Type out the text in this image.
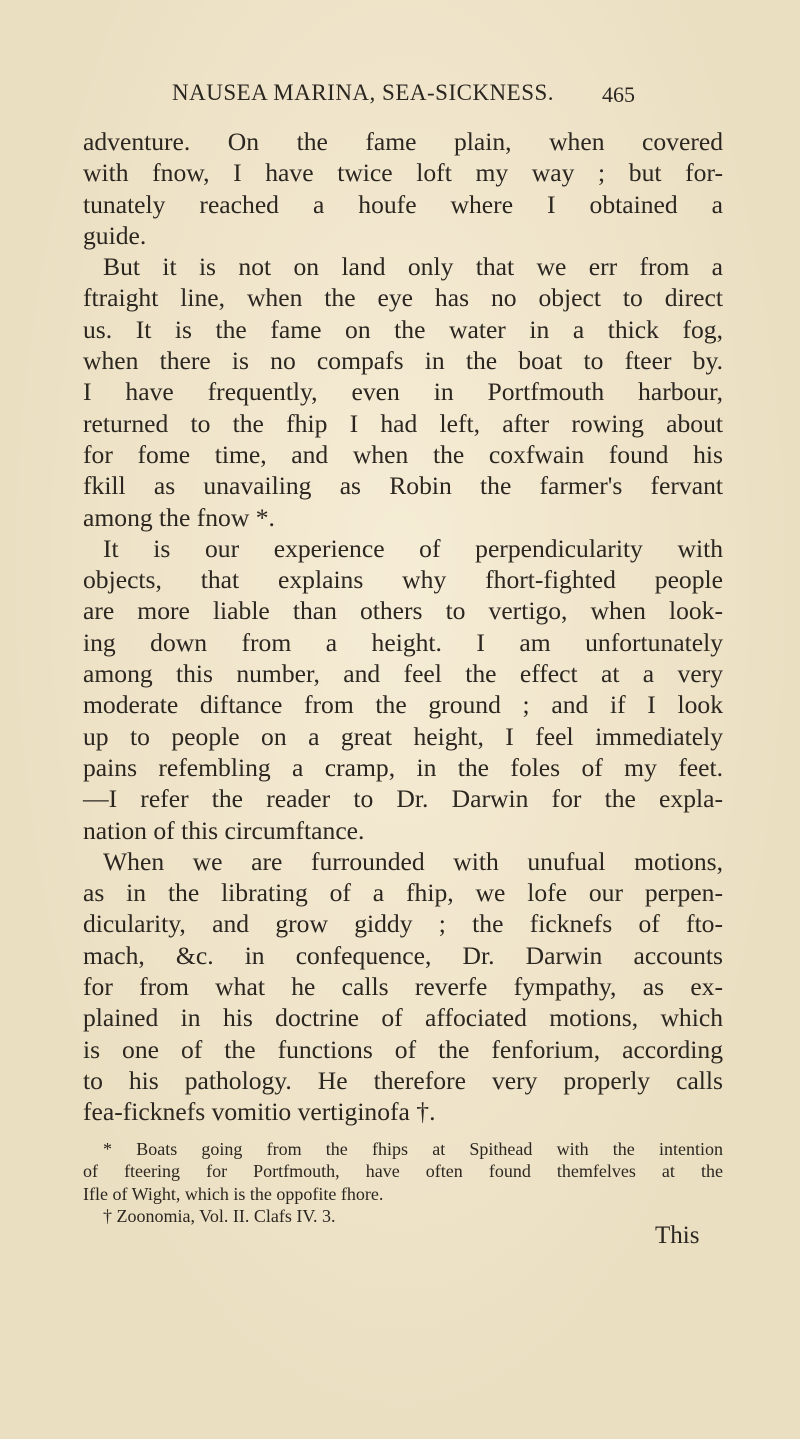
NAUSEA MARINA, SEA-SICKNESS.	465
adventure. On the fame plain, when covered
with fnow, I have twice loft my way ; but for-
tunately reached a houfe where I obtained a
guide.
But it is not on land only that we err from a
ftraight line, when the eye has no object to direct
us. It is the fame on the water in a thick fog,
when there is no compafs in the boat to fteer by.
I have frequently, even in Portfmouth harbour,
returned to the fhip I had left, after rowing about
for fome time, and when the coxfwain found his
fkill as unavailing as Robin the farmer's fervant
among the fnow *.
It is our experience of perpendicularity with
objects, that explains why fhort-fighted people
are more liable than others to vertigo, when look-
ing down from a height. I am unfortunately
among this number, and feel the effect at a very
moderate diftance from the ground ; and if I look
up to people on a great height, I feel immediately
pains refembling a cramp, in the foles of my feet.
—I refer the reader to Dr. Darwin for the expla-
nation of this circumftance.
When we are furrounded with unufual motions,
as in the librating of a fhip, we lofe our perpen-
dicularity, and grow giddy ; the ficknefs of fto-
mach, &c. in confequence, Dr. Darwin accounts
for from what he calls reverfe fympathy, as ex-
plained in his doctrine of affociated motions, which
is one of the functions of the fenforium, according
to his pathology. He therefore very properly calls
fea-ficknefs vomitio vertiginofa †.
* Boats going from the fhips at Spithead with the intention
of fteering for Portfmouth, have often found themfelves at the
Ifle of Wight, which is the oppofite fhore.
† Zoonomia, Vol. II. Clafs IV. 3.
This
